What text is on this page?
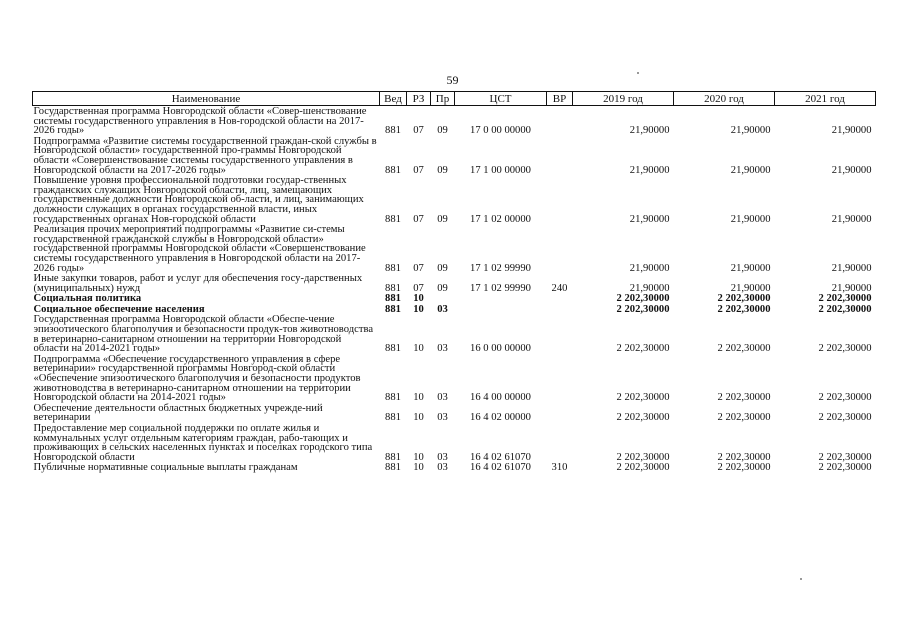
59
Наименование	Вед	РЗ	Пр	ЦСТ	ВР	2019 год	2020 год	2021 год
Государственная программа Новгородской области «Совер-шенствование системы государственного управления в Нов-городской области на 2017-2026 годы»	881	07	09	17 0 00 00000		21,90000	21,90000	21,90000
Подпрограмма «Развитие системы государственной граждан-ской службы в Новгородской области» государственной про-граммы Новгородской области «Совершенствование системы государственного управления в Новгородской области на 2017-2026 годы»	881	07	09	17 1 00 00000		21,90000	21,90000	21,90000
Повышение уровня профессиональной подготовки государ-ственных гражданских служащих Новгородской области, лиц, замещающих государственные должности Новгородской об-ласти, и лиц, занимающих должности служащих в органах государственной власти, иных государственных органах Нов-городской области	881	07	09	17 1 02 00000		21,90000	21,90000	21,90000
Реализация прочих мероприятий подпрограммы «Развитие си-стемы государственной гражданской службы в Новгородской области» государственной программы Новгородской области «Совершенствование системы государственного управления в Новгородской области на 2017-2026 годы»	881	07	09	17 1 02 99990		21,90000	21,90000	21,90000
Иные закупки товаров, работ и услуг для обеспечения госу-дарственных (муниципальных) нужд	881	07	09	17 1 02 99990	240	21,90000	21,90000	21,90000
Социальная политика	881	10				2 202,30000	2 202,30000	2 202,30000
Социальное обеспечение населения	881	10	03			2 202,30000	2 202,30000	2 202,30000
Государственная программа Новгородской области «Обеспе-чение эпизоотического благополучия и безопасности продук-тов животноводства в ветеринарно-санитарном отношении на территории Новгородской области на 2014-2021 годы»	881	10	03	16 0 00 00000		2 202,30000	2 202,30000	2 202,30000
Подпрограмма «Обеспечение государственного управления в сфере ветеринарии» государственной программы Новгород-ской области «Обеспечение эпизоотического благополучия и безопасности продуктов животноводства в ветеринарно-санитарном отношении на территории Новгородской области на 2014-2021 годы»	881	10	03	16 4 00 00000		2 202,30000	2 202,30000	2 202,30000
Обеспечение деятельности областных бюджетных учрежде-ний ветеринарии	881	10	03	16 4 02 00000		2 202,30000	2 202,30000	2 202,30000
Предоставление мер социальной поддержки по оплате жилья и коммунальных услуг отдельным категориям граждан, рабо-тающих и проживающих в сельских населенных пунктах и поселках городского типа Новгородской области	881	10	03	16 4 02 61070		2 202,30000	2 202,30000	2 202,30000
Публичные нормативные социальные выплаты гражданам	881	10	03	16 4 02 61070	310	2 202,30000	2 202,30000	2 202,30000
